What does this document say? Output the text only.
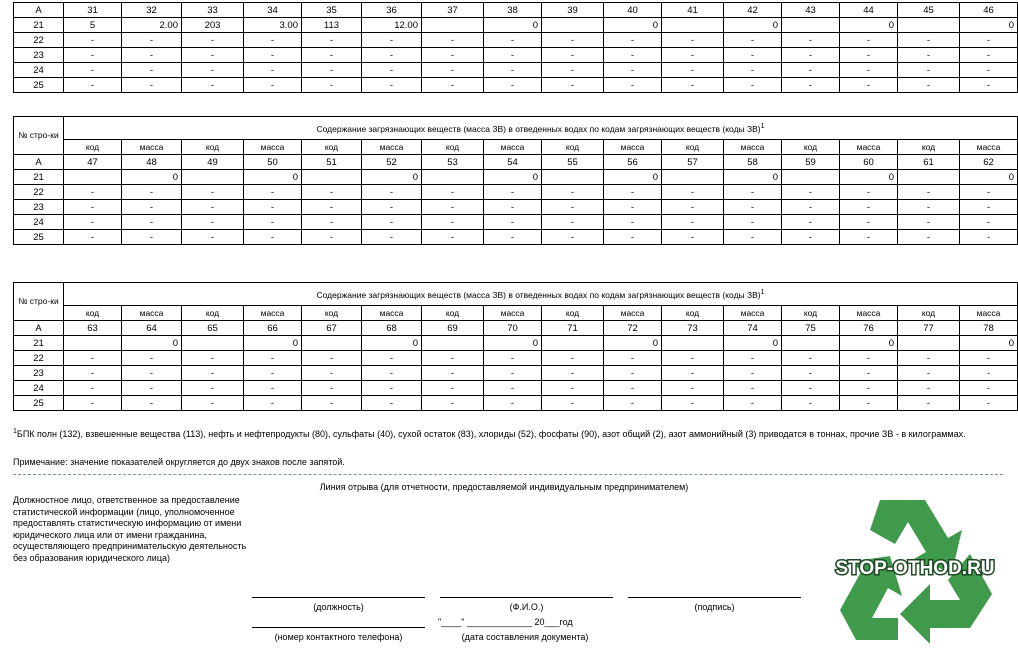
А	31	32	33	34	35	36	37	38	39	40	41	42	43	44	45	46
21	5	2.00	203	3.00	113	12.00		0		0		0		0		0
22	-	-	-	-	-	-	-	-	-	-	-	-	-	-	-	-
23	-	-	-	-	-	-	-	-	-	-	-	-	-	-	-	-
24	-	-	-	-	-	-	-	-	-	-	-	-	-	-	-	-
25	-	-	-	-	-	-	-	-	-	-	-	-	-	-	-	-
№ стро-ки	Содержание загрязнающих веществ (масса ЗВ) в отведенных водах по кодам загрязнающих веществ (коды ЗВ)$^1$
	код	масса	код	масса	код	масса	код	масса	код	масса	код	масса	код	масса	код	масса
А	47	48	49	50	51	52	53	54	55	56	57	58	59	60	61	62
21		0		0		0		0		0		0		0		0
22	-	-	-	-	-	-	-	-	-	-	-	-	-	-	-	-
23	-	-	-	-	-	-	-	-	-	-	-	-	-	-	-	-
24	-	-	-	-	-	-	-	-	-	-	-	-	-	-	-	-
25	-	-	-	-	-	-	-	-	-	-	-	-	-	-	-	-
№ стро-ки	Содержание загрязнающих веществ (масса ЗВ) в отведенных водах по кодам загрязнающих веществ (коды ЗВ)$^1$
	код	масса	код	масса	код	масса	код	масса	код	масса	код	масса	код	масса	код	масса
А	63	64	65	66	67	68	69	70	71	72	73	74	75	76	77	78
21		0		0		0		0		0		0		0		0
22	-	-	-	-	-	-	-	-	-	-	-	-	-	-	-	-
23	-	-	-	-	-	-	-	-	-	-	-	-	-	-	-	-
24	-	-	-	-	-	-	-	-	-	-	-	-	-	-	-	-
25	-	-	-	-	-	-	-	-	-	-	-	-	-	-	-	-
$^1$БПК полн (132), взвешенные вещества (113), нефть и нефтепродукты (80), сульфаты (40), сухой остаток (83), хлориды (52), фосфаты (90), азот общий (2), азот аммонийный (3) приводатся в тоннах, прочие ЗВ - в килограммах.
Примечание: значение показателей округляется до двух знаков после запятой.
Линия отрыва (для отчетности, предоставляемой индивидуальным предпринимателем)
Должностное лицо, ответственное за предоставление статистической информации (лицо, уполномоченное предоставлять статистическую информацию от имени юридического лица или от имени гражданина, осуществляющего предпринимательскую деятельность без образования юридического лица)
(должность)	(Ф.И.О.)	(подпись)
(номер контактного телефона)
"____" _____________ 20___год
(дата составления документа)
STOP-OTHOD.RU
